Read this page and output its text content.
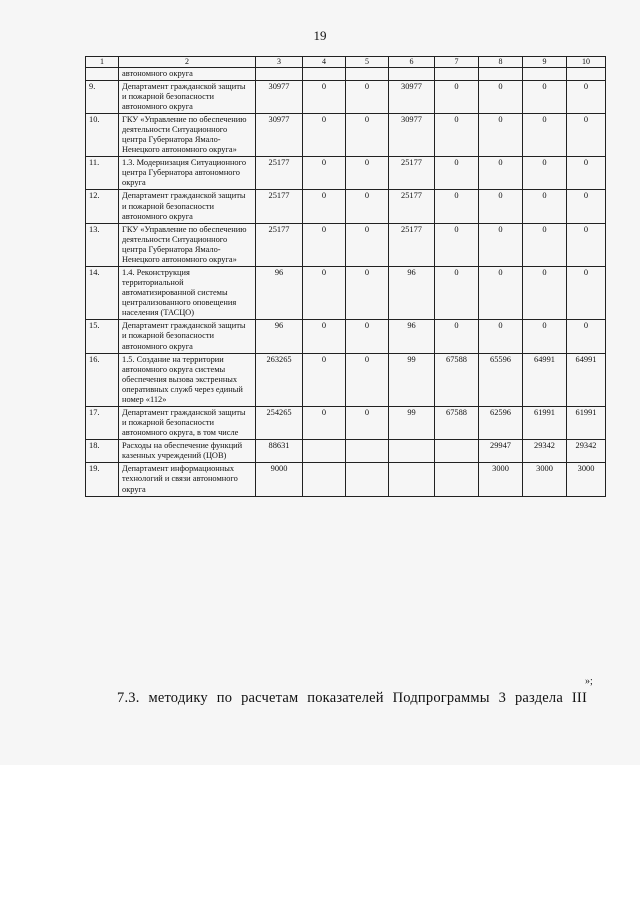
19
1	2	3	4	5	6	7	8	9	10
	автономного округа								
9.	Департамент гражданской защиты и пожарной безопасности автономного округа	30977	0	0	30977	0	0	0	0
10.	ГКУ «Управление по обеспечению деятельности Ситуационного центра Губернатора Ямало-Ненецкого автономного округа»	30977	0	0	30977	0	0	0	0
11.	1.3. Модернизация Ситуационного центра Губернатора автономного округа	25177	0	0	25177	0	0	0	0
12.	Департамент гражданской защиты и пожарной безопасности автономного округа	25177	0	0	25177	0	0	0	0
13.	ГКУ «Управление по обеспечению деятельности Ситуационного центра Губернатора Ямало-Ненецкого автономного округа»	25177	0	0	25177	0	0	0	0
14.	1.4. Реконструкция территориальной автоматизированной системы централизованного оповещения населения (ТАСЦО)	96	0	0	96	0	0	0	0
15.	Департамент гражданской защиты и пожарной безопасности автономного округа	96	0	0	96	0	0	0	0
16.	1.5. Создание на территории автономного округа системы обеспечения вызова экстренных оперативных служб через единый номер «112»	263265	0	0	99	67588	65596	64991	64991
17.	Департамент гражданской защиты и пожарной безопасности автономного округа, в том числе	254265	0	0	99	67588	62596	61991	61991
18.	Расходы на обеспечение функций казенных учреждений (ЦОВ)	88631					29947	29342	29342
19.	Департамент информационных технологий и связи автономного округа	9000					3000	3000	3000
»;
7.3. методику по расчетам показателей Подпрограммы 3 раздела III
